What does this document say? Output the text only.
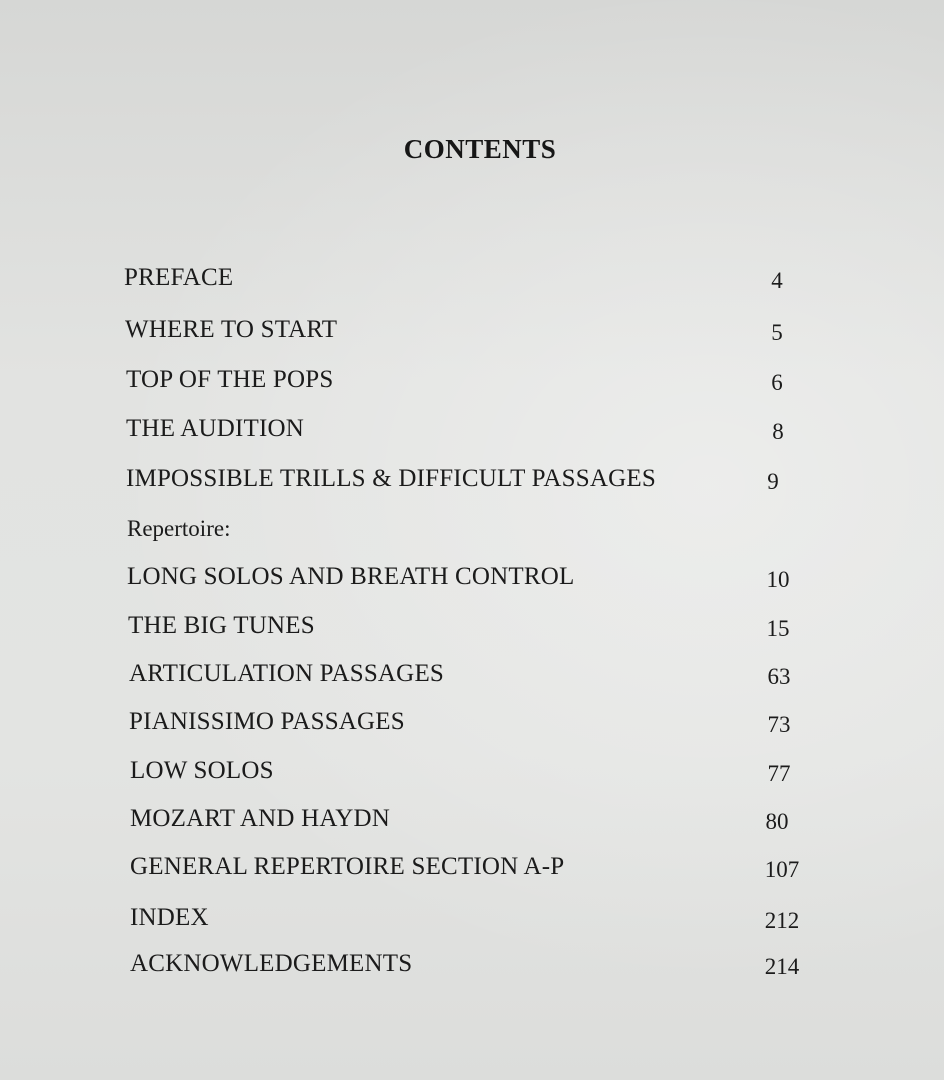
CONTENTS
PREFACE	4
WHERE TO START	5
TOP OF THE POPS	6
THE AUDITION	8
IMPOSSIBLE TRILLS & DIFFICULT PASSAGES	9
Repertoire:
LONG SOLOS AND BREATH CONTROL	10
THE BIG TUNES	15
ARTICULATION PASSAGES	63
PIANISSIMO PASSAGES	73
LOW SOLOS	77
MOZART AND HAYDN	80
GENERAL REPERTOIRE SECTION A-P	107
INDEX	212
ACKNOWLEDGEMENTS	214
